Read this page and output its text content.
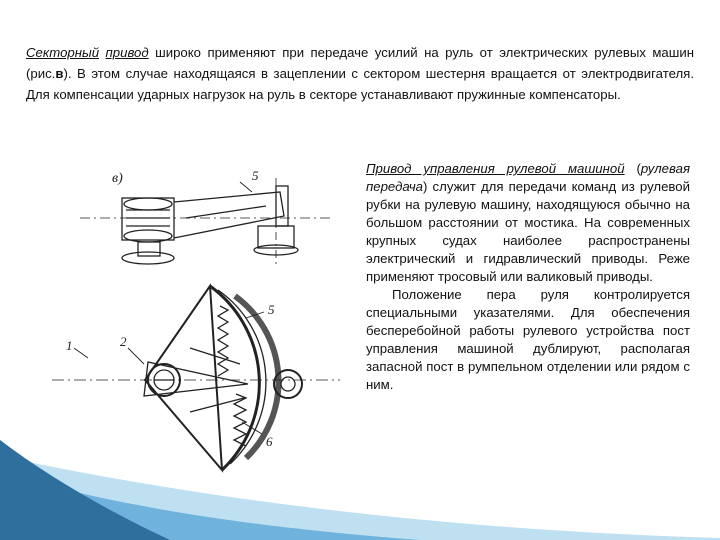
Секторный привод широко применяют при передаче усилий на руль от электрических рулевых машин (рис.в). В этом случае находящаяся в зацеплении с сектором шестерня вращается от электродвигателя. Для компенсации ударных нагрузок на руль в секторе устанавливают пружинные компенсаторы.
в)	5
1	2
5
6

Привод управления рулевой машиной (рулевая передача) служит для передачи команд из рулевой рубки на рулевую машину, находящуюся обычно на большом расстоянии от мостика. На современных крупных судах наиболее распространены электрический и гидравлический приводы. Реже применяют тросовый или валиковый приводы.

Положение пера руля контролируется специальными указателями. Для обеспечения бесперебойной работы рулевого устройства пост управления машиной дублируют, располагая запасной пост в румпельном отделении или рядом с ним.
